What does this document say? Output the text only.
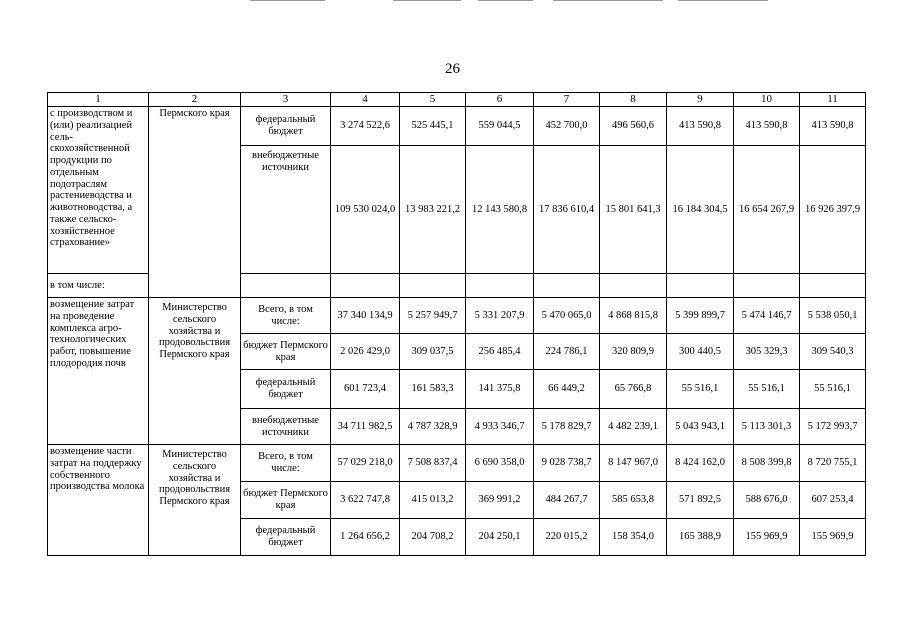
26
1	2	3	4	5	6	7	8	9	10	11
с производством и (или) реализацией сель- скохозяйственной продукции по отдельным подотраслям растениеводства и животноводства, а также сельско- хозяйственное страхование»	Пермского края	федеральный бюджет	3 274 522,6	525 445,1	559 044,5	452 700,0	496 560,6	413 590,8	413 590,8	413 590,8
		внебюджетные источники	109 530 024,0	13 983 221,2	12 143 580,8	17 836 610,4	15 801 641,3	16 184 304,5	16 654 267,9	16 926 397,9
в том числе:										
возмещение затрат на проведение комплекса агро- технологических работ, повышение плодородия почв	Министерство сельского хозяйства и продовольствия Пермского края	Всего, в том числе:	37 340 134,9	5 257 949,7	5 331 207,9	5 470 065,0	4 868 815,8	5 399 899,7	5 474 146,7	5 538 050,1
		бюджет Пермского края	2 026 429,0	309 037,5	256 485,4	224 786,1	320 809,9	300 440,5	305 329,3	309 540,3
		федеральный бюджет	601 723,4	161 583,3	141 375,8	66 449,2	65 766,8	55 516,1	55 516,1	55 516,1
		внебюджетные источники	34 711 982,5	4 787 328,9	4 933 346,7	5 178 829,7	4 482 239,1	5 043 943,1	5 113 301,3	5 172 993,7
возмещение части затрат на поддержку собственного производства молока	Министерство сельского хозяйства и продовольствия Пермского края	Всего, в том числе:	57 029 218,0	7 508 837,4	6 690 358,0	9 028 738,7	8 147 967,0	8 424 162,0	8 508 399,8	8 720 755,1
		бюджет Пермского края	3 622 747,8	415 013,2	369 991,2	484 267,7	585 653,8	571 892,5	588 676,0	607 253,4
		федеральный бюджет	1 264 656,2	204 708,2	204 250,1	220 015,2	158 354,0	165 388,9	155 969,9	155 969,9
